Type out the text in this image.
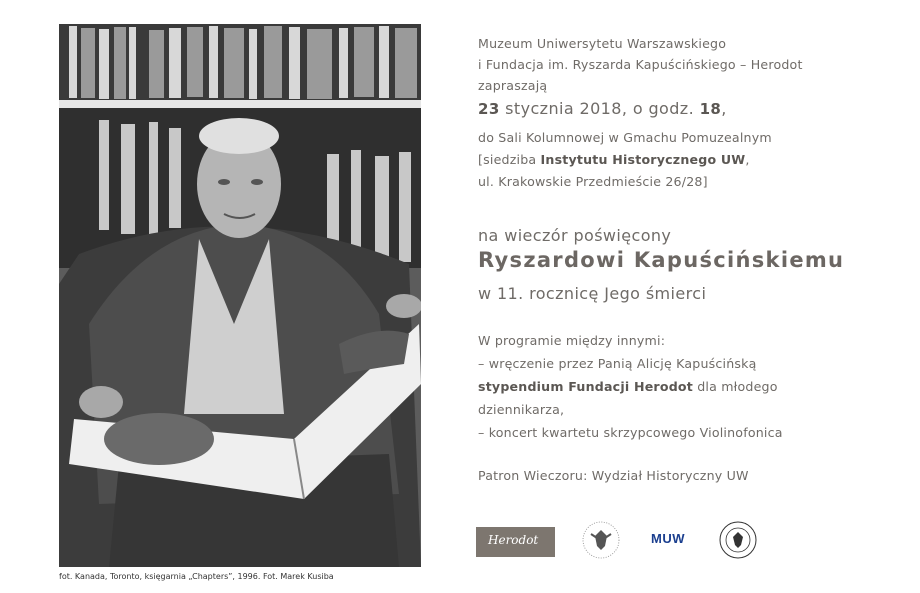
fot. Kanada, Toronto, księgarnia „Chapters”, 1996. Fot. Marek Kusiba
Muzeum Uniwersytetu Warszawskiego
i Fundacja im. Ryszarda Kapuścińskiego – Herodot
zapraszają
23 stycznia 2018, o godz. 18,
do Sali Kolumnowej w Gmachu Pomuzealnym
[siedziba Instytutu Historycznego UW,
ul. Krakowskie Przedmieście 26/28]
na wieczór poświęcony
Ryszardowi Kapuścińskiemu
w 11. rocznicę Jego śmierci
W programie między innymi:
– wręczenie przez Panią Alicję Kapuścińską
stypendium Fundacji Herodot dla młodego
dziennikarza,
– koncert kwartetu skrzypcowego Violinofonica
Patron Wieczoru: Wydział Historyczny UW
Herodot	MUW
